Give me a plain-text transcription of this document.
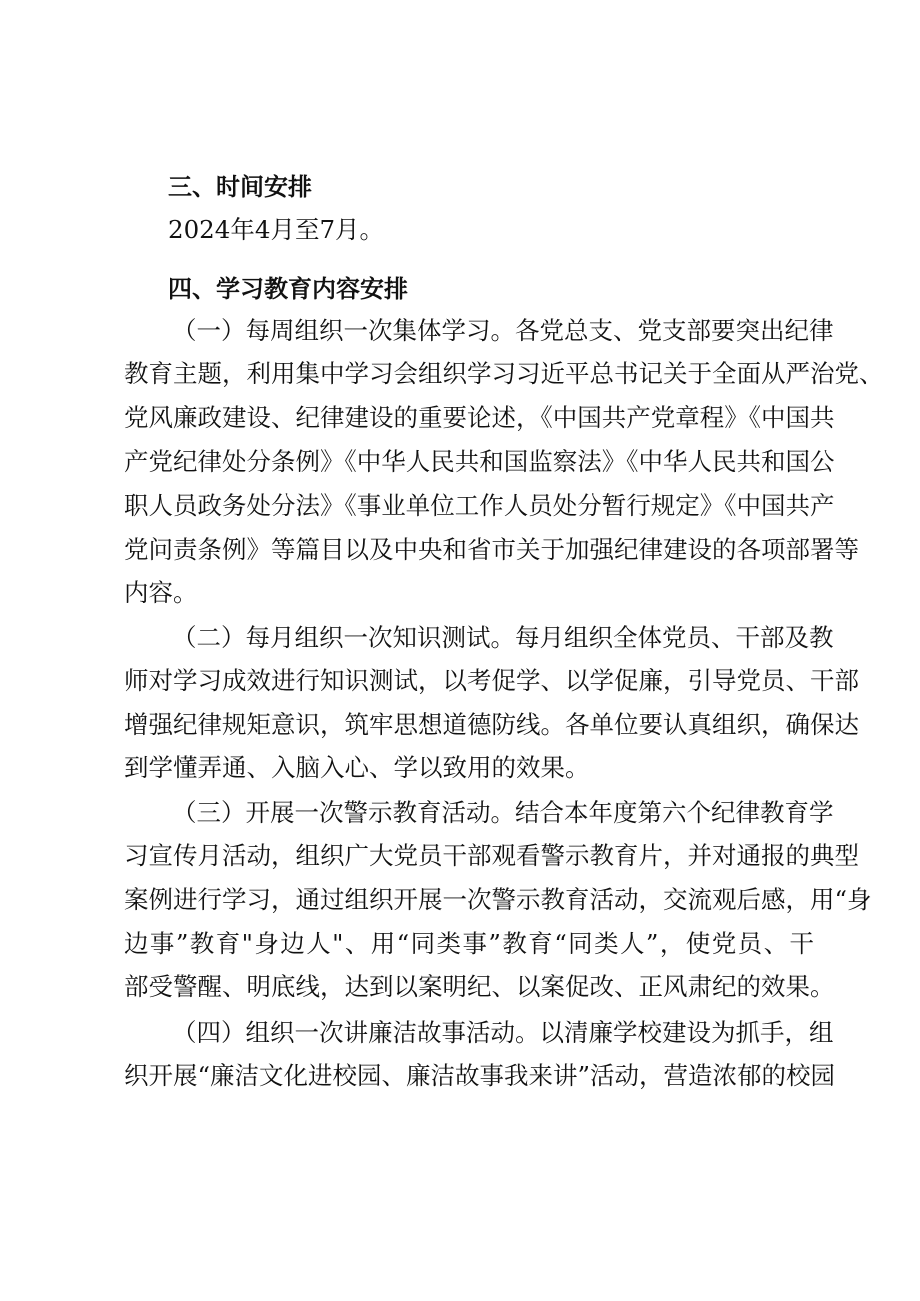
三、时间安排
2024年4月至7月。
四、学习教育内容安排
（一）每周组织一次集体学习。各党总支、党支部要突出纪律
教育主题，利用集中学习会组织学习习近平总书记关于全面从严治党、
党风廉政建设、纪律建设的重要论述，《中国共产党章程》《中国共
产党纪律处分条例》《中华人民共和国监察法》《中华人民共和国公
职人员政务处分法》《事业单位工作人员处分暂行规定》《中国共产
党问责条例》等篇目以及中央和省市关于加强纪律建设的各项部署等
内容。
（二）每月组织一次知识测试。每月组织全体党员、干部及教
师对学习成效进行知识测试，以考促学、以学促廉，引导党员、干部
增强纪律规矩意识，筑牢思想道德防线。各单位要认真组织，确保达
到学懂弄通、入脑入心、学以致用的效果。
（三）开展一次警示教育活动。结合本年度第六个纪律教育学
习宣传月活动，组织广大党员干部观看警示教育片，并对通报的典型
案例进行学习，通过组织开展一次警示教育活动，交流观后感，用“身
边事”教育"身边人"、用“同类事”教育“同类人”，使党员、干
部受警醒、明底线，达到以案明纪、以案促改、正风肃纪的效果。
（四）组织一次讲廉洁故事活动。以清廉学校建设为抓手，组
织开展“廉洁文化进校园、廉洁故事我来讲”活动，营造浓郁的校园
